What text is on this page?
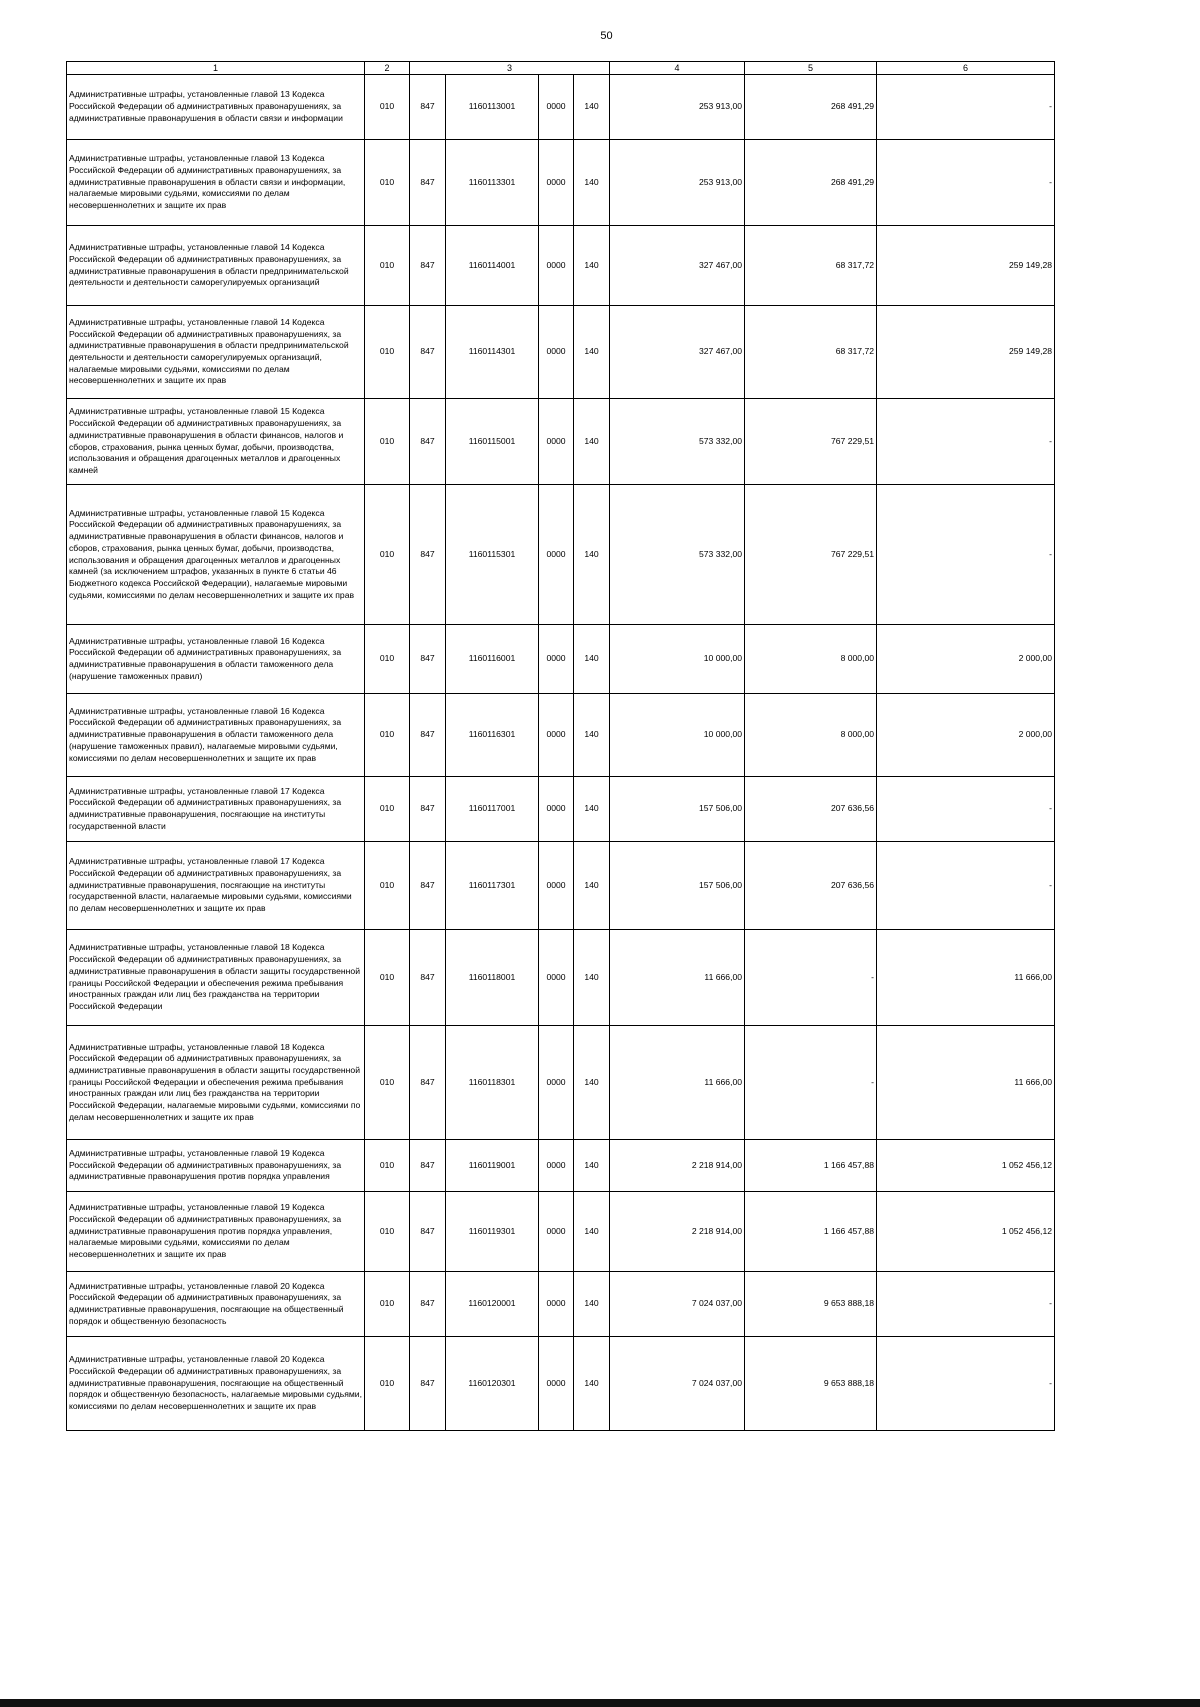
50
1	2	3				4	5	6
Административные штрафы, установленные главой 13 Кодекса Российской Федерации об административных правонарушениях, за административные правонарушения в области связи и информации	010	847	1160113001	0000	140	253 913,00	268 491,29	-
Административные штрафы, установленные главой 13 Кодекса Российской Федерации об административных правонарушениях, за административные правонарушения в области связи и информации, налагаемые мировыми судьями, комиссиями по делам несовершеннолетних и защите их прав	010	847	1160113301	0000	140	253 913,00	268 491,29	-
Административные штрафы, установленные главой 14 Кодекса Российской Федерации об административных правонарушениях, за административные правонарушения в области предпринимательской деятельности и деятельности саморегулируемых организаций	010	847	1160114001	0000	140	327 467,00	68 317,72	259 149,28
Административные штрафы, установленные главой 14 Кодекса Российской Федерации об административных правонарушениях, за административные правонарушения в области предпринимательской деятельности и деятельности саморегулируемых организаций, налагаемые мировыми судьями, комиссиями по делам несовершеннолетних и защите их прав	010	847	1160114301	0000	140	327 467,00	68 317,72	259 149,28
Административные штрафы, установленные главой 15 Кодекса Российской Федерации об административных правонарушениях, за административные правонарушения в области финансов, налогов и сборов, страхования, рынка ценных бумаг, добычи, производства, использования и обращения драгоценных металлов и драгоценных камней	010	847	1160115001	0000	140	573 332,00	767 229,51	-
Административные штрафы, установленные главой 15 Кодекса Российской Федерации об административных правонарушениях, за административные правонарушения в области финансов, налогов и сборов, страхования, рынка ценных бумаг, добычи, производства, использования и обращения драгоценных металлов и драгоценных камней (за исключением штрафов, указанных в пункте 6 статьи 46 Бюджетного кодекса Российской Федерации), налагаемые мировыми судьями, комиссиями по делам несовершеннолетних и защите их прав	010	847	1160115301	0000	140	573 332,00	767 229,51	-
Административные штрафы, установленные главой 16 Кодекса Российской Федерации об административных правонарушениях, за административные правонарушения в области таможенного дела (нарушение таможенных правил)	010	847	1160116001	0000	140	10 000,00	8 000,00	2 000,00
Административные штрафы, установленные главой 16 Кодекса Российской Федерации об административных правонарушениях, за административные правонарушения в области таможенного дела (нарушение таможенных правил), налагаемые мировыми судьями, комиссиями по делам несовершеннолетних и защите их прав	010	847	1160116301	0000	140	10 000,00	8 000,00	2 000,00
Административные штрафы, установленные главой 17 Кодекса Российской Федерации об административных правонарушениях, за административные правонарушения, посягающие на институты государственной власти	010	847	1160117001	0000	140	157 506,00	207 636,56	-
Административные штрафы, установленные главой 17 Кодекса Российской Федерации об административных правонарушениях, за административные правонарушения, посягающие на институты государственной власти, налагаемые мировыми судьями, комиссиями по делам несовершеннолетних и защите их прав	010	847	1160117301	0000	140	157 506,00	207 636,56	-
Административные штрафы, установленные главой 18 Кодекса Российской Федерации об административных правонарушениях, за административные правонарушения в области защиты государственной границы Российской Федерации и обеспечения режима пребывания иностранных граждан или лиц без гражданства на территории Российской Федерации	010	847	1160118001	0000	140	11 666,00	-	11 666,00
Административные штрафы, установленные главой 18 Кодекса Российской Федерации об административных правонарушениях, за административные правонарушения в области защиты государственной границы Российской Федерации и обеспечения режима пребывания иностранных граждан или лиц без гражданства на территории Российской Федерации, налагаемые мировыми судьями, комиссиями по делам несовершеннолетних и защите их прав	010	847	1160118301	0000	140	11 666,00	-	11 666,00
Административные штрафы, установленные главой 19 Кодекса Российской Федерации об административных правонарушениях, за административные правонарушения против порядка управления	010	847	1160119001	0000	140	2 218 914,00	1 166 457,88	1 052 456,12
Административные штрафы, установленные главой 19 Кодекса Российской Федерации об административных правонарушениях, за административные правонарушения против порядка управления, налагаемые мировыми судьями, комиссиями по делам несовершеннолетних и защите их прав	010	847	1160119301	0000	140	2 218 914,00	1 166 457,88	1 052 456,12
Административные штрафы, установленные главой 20 Кодекса Российской Федерации об административных правонарушениях, за административные правонарушения, посягающие на общественный порядок и общественную безопасность	010	847	1160120001	0000	140	7 024 037,00	9 653 888,18	-
Административные штрафы, установленные главой 20 Кодекса Российской Федерации об административных правонарушениях, за административные правонарушения, посягающие на общественный порядок и общественную безопасность, налагаемые мировыми судьями, комиссиями по делам несовершеннолетних и защите их прав	010	847	1160120301	0000	140	7 024 037,00	9 653 888,18	-
